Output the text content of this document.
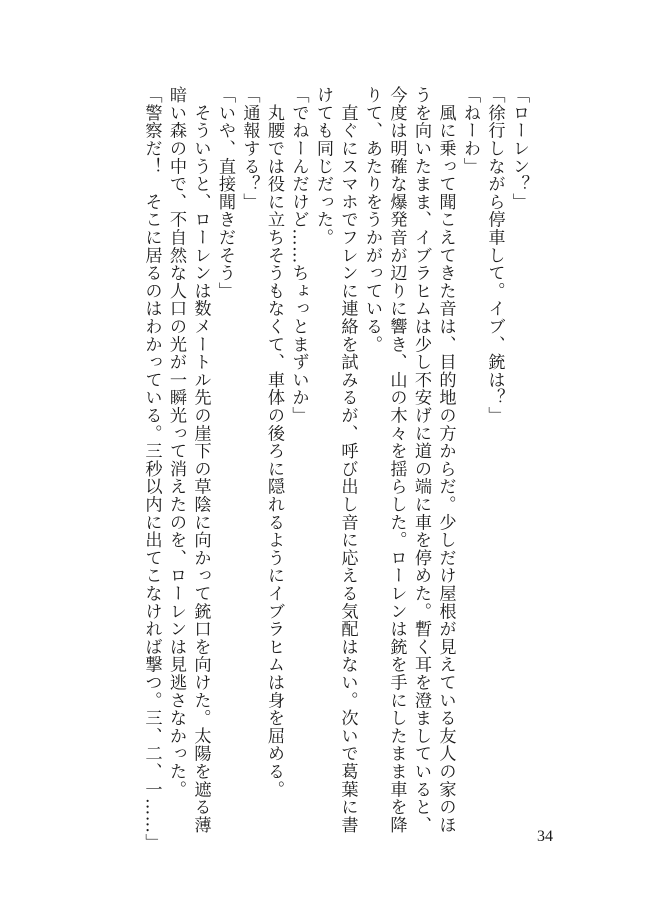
「ローレン？」

「徐行しながら停車して。イブ、銃は？」

「ねーわ」

　風に乗って聞こえてきた音は、目的地の方からだ。少しだけ屋根が見えている友人の家のほ

うを向いたまま、イブラヒムは少し不安げに道の端に車を停めた。暫く耳を澄ましていると、

今度は明確な爆発音が辺りに響き、山の木々を揺らした。ローレンは銃を手にしたまま車を降

りて、あたりをうかがっている。

　直ぐにスマホでフレンに連絡を試みるが、呼び出し音に応える気配はない。次いで葛葉に書

けても同じだった。

「でねーんだけど……ちょっとまずいか」

　丸腰では役に立ちそうもなくて、車体の後ろに隠れるようにイブラヒムは身を屈める。

「通報する？」

「いや、直接聞きだそう」

　そういうと、ローレンは数メートル先の崖下の草陰に向かって銃口を向けた。太陽を遮る薄

暗い森の中で、不自然な人口の光が一瞬光って消えたのを、ローレンは見逃さなかった。

「警察だ！　そこに居るのはわかっている。三秒以内に出てこなければ撃つ。三、二、一……」	34
